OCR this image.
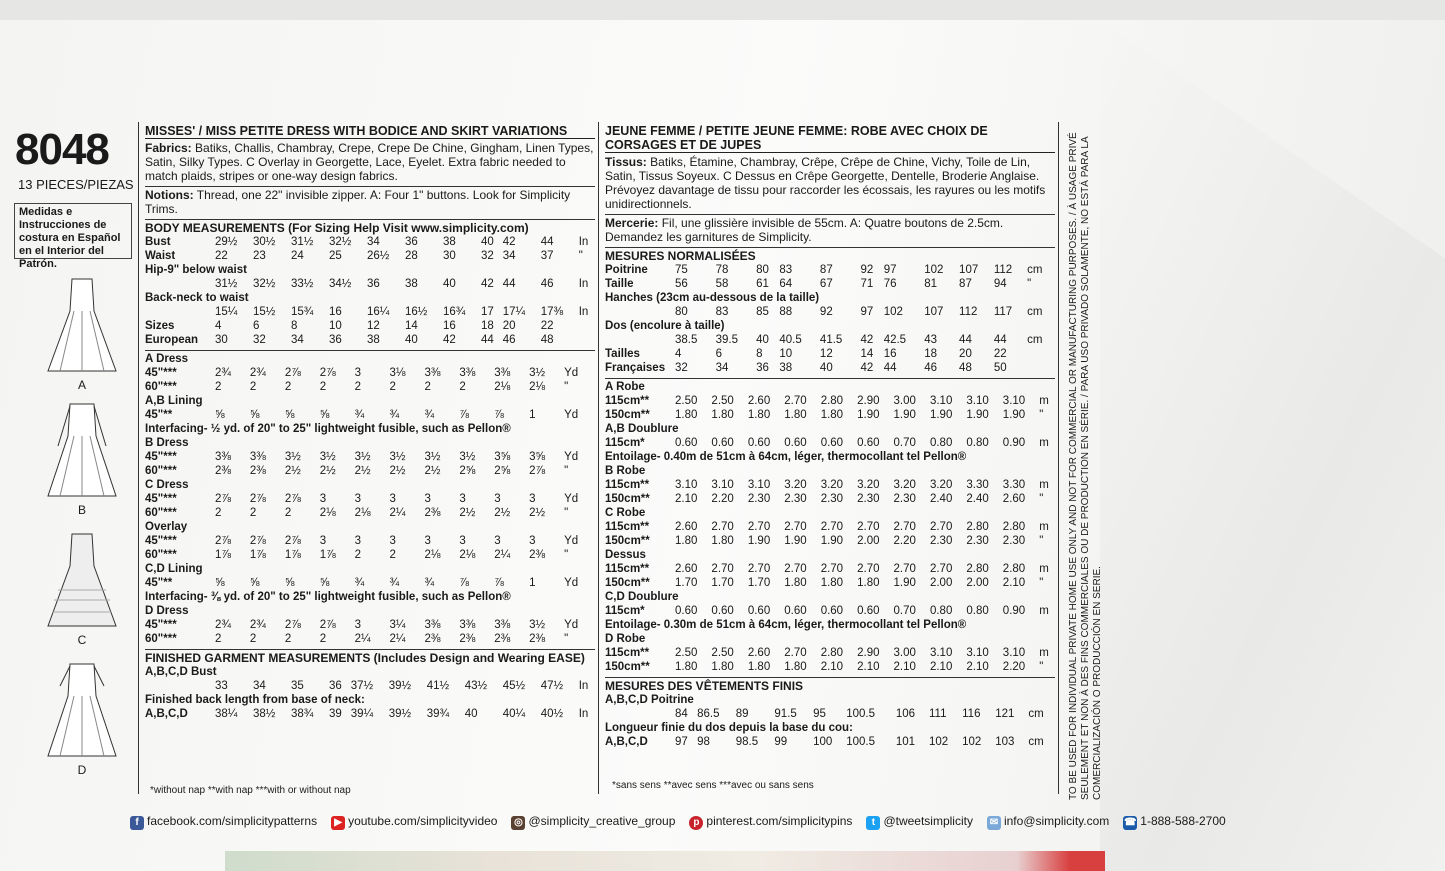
8048
13 PIECES/PIEZAS
Medidas e Instrucciones de costura en Español en el Interior del Patrón.
A
B
C
D
MISSES' / MISS PETITE DRESS WITH BODICE AND SKIRT VARIATIONS
Fabrics: Batiks, Challis, Chambray, Crepe, Crepe De Chine, Gingham, Linen Types, Satin, Silky Types. C Overlay in Georgette, Lace, Eyelet. Extra fabric needed to match plaids, stripes or one-way design fabrics.
Notions: Thread, one 22" invisible zipper. A: Four 1" buttons. Look for Simplicity Trims.
BODY MEASUREMENTS (For Sizing Help Visit www.simplicity.com)
Bust	29½	30½	31½	32½	34	36	38	40	42	44	In
Waist	22	23	24	25	26½	28	30	32	34	37	"
Hip-9" below waist											
	31½	32½	33½	34½	36	38	40	42	44	46	In
Back-neck to waist											
	15¼	15½	15¾	16	16¼	16½	16¾	17	17¼	17⅜	In
Sizes	4	6	8	10	12	14	16	18	20	22	
European	30	32	34	36	38	40	42	44	46	48	
A Dress											
45"***	2¾	2¾	2⅞	2⅞	3	3⅛	3⅜	3⅜	3⅜	3½	Yd
60"***	2	2	2	2	2	2	2	2	2⅛	2⅛	"
A,B Lining											
45"**	⅝	⅝	⅝	⅝	¾	¾	¾	⅞	⅞	1	Yd
Interfacing- ½ yd. of 20" to 25" lightweight fusible, such as Pellon®											
B Dress											
45"***	3⅜	3⅜	3½	3½	3½	3½	3½	3½	3⅝	3⅝	Yd
60"***	2⅜	2⅜	2½	2½	2½	2½	2½	2⅝	2⅝	2⅞	"
C Dress											
45"***	2⅞	2⅞	2⅞	3	3	3	3	3	3	3	Yd
60"***	2	2	2	2⅛	2⅛	2¼	2⅜	2½	2½	2½	"
Overlay											
45"***	2⅞	2⅞	2⅞	3	3	3	3	3	3	3	Yd
60"***	1⅞	1⅞	1⅞	1⅞	2	2	2⅛	2⅛	2¼	2⅜	"
C,D Lining											
45"**	⅝	⅝	⅝	⅝	¾	¾	¾	⅞	⅞	1	Yd
Interfacing- ⅜ yd. of 20" to 25" lightweight fusible, such as Pellon®											
D Dress											
45"***	2¾	2¾	2⅞	2⅞	3	3¼	3⅜	3⅜	3⅜	3½	Yd
60"***	2	2	2	2	2¼	2¼	2⅜	2⅜	2⅜	2⅜	"
FINISHED GARMENT MEASUREMENTS (Includes Design and Wearing EASE)
A,B,C,D Bust											
	33	34	35	36	37½	39½	41½	43½	45½	47½	In
Finished back length from base of neck:											
A,B,C,D	38¼	38½	38¾	39	39¼	39½	39¾	40	40¼	40½	In
JEUNE FEMME / PETITE JEUNE FEMME: ROBE AVEC CHOIX DE CORSAGES ET DE JUPES
Tissus: Batiks, Étamine, Chambray, Crêpe, Crêpe de Chine, Vichy, Toile de Lin, Satin, Tissus Soyeux. C Dessus en Crêpe Georgette, Dentelle, Broderie Anglaise. Prévoyez davantage de tissu pour raccorder les écossais, les rayures ou les motifs unidirectionnels.
Mercerie: Fil, une glissière invisible de 55cm. A: Quatre boutons de 2.5cm. Demandez les garnitures de Simplicity.
MESURES NORMALISÉES
Poitrine	75	78	80	83	87	92	97	102	107	112	cm
Taille	56	58	61	64	67	71	76	81	87	94	"
Hanches (23cm au-dessous de la taille)											
	80	83	85	88	92	97	102	107	112	117	cm
Dos (encolure à taille)											
	38.5	39.5	40	40.5	41.5	42	42.5	43	44	44	cm
Tailles	4	6	8	10	12	14	16	18	20	22	
Françaises	32	34	36	38	40	42	44	46	48	50	
A Robe											
115cm**	2.50	2.50	2.60	2.70	2.80	2.90	3.00	3.10	3.10	3.10	m
150cm**	1.80	1.80	1.80	1.80	1.80	1.90	1.90	1.90	1.90	1.90	"
A,B Doublure											
115cm*	0.60	0.60	0.60	0.60	0.60	0.60	0.70	0.80	0.80	0.90	m
Entoilage- 0.40m de 51cm à 64cm, léger, thermocollant tel Pellon®											
B Robe											
115cm**	3.10	3.10	3.10	3.20	3.20	3.20	3.20	3.20	3.30	3.30	m
150cm**	2.10	2.20	2.30	2.30	2.30	2.30	2.30	2.40	2.40	2.60	"
C Robe											
115cm**	2.60	2.70	2.70	2.70	2.70	2.70	2.70	2.70	2.80	2.80	m
150cm**	1.80	1.80	1.90	1.90	1.90	2.00	2.20	2.30	2.30	2.30	"
Dessus											
115cm**	2.60	2.70	2.70	2.70	2.70	2.70	2.70	2.70	2.80	2.80	m
150cm**	1.70	1.70	1.70	1.80	1.80	1.80	1.90	2.00	2.00	2.10	"
C,D Doublure											
115cm*	0.60	0.60	0.60	0.60	0.60	0.60	0.70	0.80	0.80	0.90	m
Entoilage- 0.30m de 51cm à 64cm, léger, thermocollant tel Pellon®											
D Robe											
115cm**	2.50	2.50	2.60	2.70	2.80	2.90	3.00	3.10	3.10	3.10	m
150cm**	1.80	1.80	1.80	1.80	2.10	2.10	2.10	2.10	2.10	2.20	"
MESURES DES VÊTEMENTS FINIS
A,B,C,D Poitrine											
	84	86.5	89	91.5	95	100.5	106	111	116	121	cm
Longueur finie du dos depuis la base du cou:											
A,B,C,D	97	98	98.5	99	100	100.5	101	102	102	103	cm
*without nap **with nap ***with or without nap	*sans sens **avec sens ***avec ou sans sens	TO BE USED FOR INDIVIDUAL PRIVATE HOME USE ONLY AND NOT FOR COMMERCIAL OR MANUFACTURING PURPOSES. / À USAGE PRIVÉ SEULEMENT ET NON À DES FINS COMMERCIALES OU DE PRODUCTION EN SÉRIE. / PARA USO PRIVADO SOLAMENTE, NO ESTÁ PARA LA COMERCIALIZACIÓN O PRODUCCIÓN EN SERIE.
f facebook.com/simplicitypatterns	▶ youtube.com/simplicityvideo ◎ @simplicity_creative_group	p pinterest.com/simplicitypins	t @tweetsimplicity ✉ info@simplicity.com ☎ 1-888-588-2700
